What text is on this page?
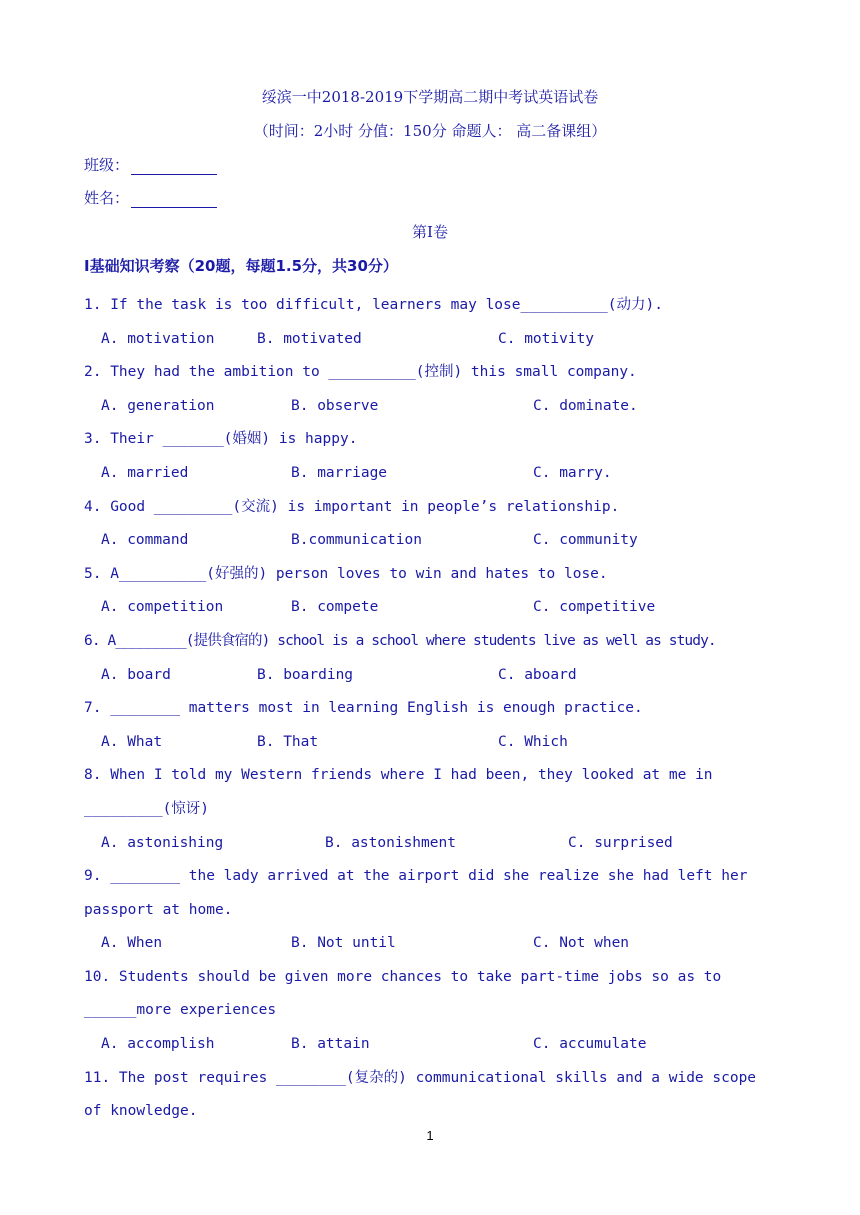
绥滨一中2018-2019下学期高二期中考试英语试卷
（时间：2小时 分值：150分 命题人： 高二备课组）
班级：
姓名：
第I卷
Ⅰ基础知识考察（20题，每题1.5分，共30分）
1. If the task is too difficult, learners may lose__________(动力).
A. motivation	B. motivated	C. motivity
2. They had the ambition to __________(控制) this small company.
A. generation	B. observe	C. dominate.
3. Their _______(婚姻) is happy.
A. married	B. marriage	C. marry.
4. Good _________(交流) is important in people’s relationship.
A. command	B.communication	C. community
5. A__________(好强的) person loves to win and hates to lose.
A. competition	B. compete	C. competitive
6. A_________(提供食宿的) school is a school where students live as well as study.
A. board	B. boarding	C. aboard
7. ________ matters most in learning English is enough practice.
A. What	B. That	C. Which
8. When I told my Western friends where I had been, they looked at me in _________(惊讶)
A. astonishing	B. astonishment	C. surprised
9. ________ the lady arrived at the airport did she realize she had left her passport at home.
A. When	B. Not until	C. Not when
10. Students should be given more chances to take part-time jobs so as to ______more experiences
A. accomplish	B. attain	C. accumulate
11. The post requires ________(复杂的) communicational skills and a wide scope of knowledge.
1
